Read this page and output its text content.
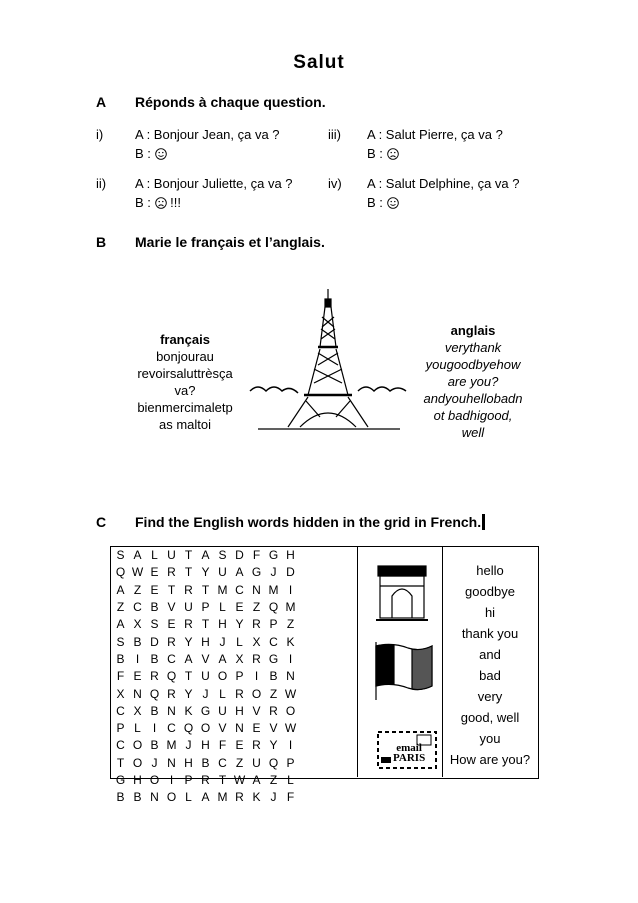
Salut
A Réponds à chaque question.
i) A : Bonjour Jean, ça va ?
B :
ii) A : Bonjour Juliette, ça va ?
B : !!!
iii) A : Salut Pierre, ça va ?
B :
iv) A : Salut Delphine, ça va ?
B :
B Marie le français et l’anglais.
français
bonjourau
revoirsaluttrèsça
va?
bienmercimaletp
as maltoi
anglais
verythank
yougoodbyehow
are you?
andyouhellobadn
ot badhigood,
well
C Find the English words hidden in the grid in French.
S	A	L	U	T	A	S	D	F	G	H
Q	W	E	R	T	Y	U	A	G	J	D
A	Z	E	T	R	T	M	C	N	M	I
Z	C	B	V	U	P	L	E	Z	Q	M
A	X	S	E	R	T	H	Y	R	P	Z
S	B	D	R	Y	H	J	L	X	C	K
B	I	B	C	A	V	A	X	R	G	I
F	E	R	Q	T	U	O	P	I	B	N
X	N	Q	R	Y	J	L	R	O	Z	W
C	X	B	N	K	G	U	H	V	R	O
P	L	I	C	Q	O	V	N	E	V	W
C	O	B	M	J	H	F	E	R	Y	I
T	O	J	N	H	B	C	Z	U	Q	P
G	H	O	I	P	R	T	W	A	Z	L
B	B	N	O	L	A	M	R	K	J	F
email
PARIS
hello
goodbye
hi
thank you
and
bad
very
good, well
you
How are you?
